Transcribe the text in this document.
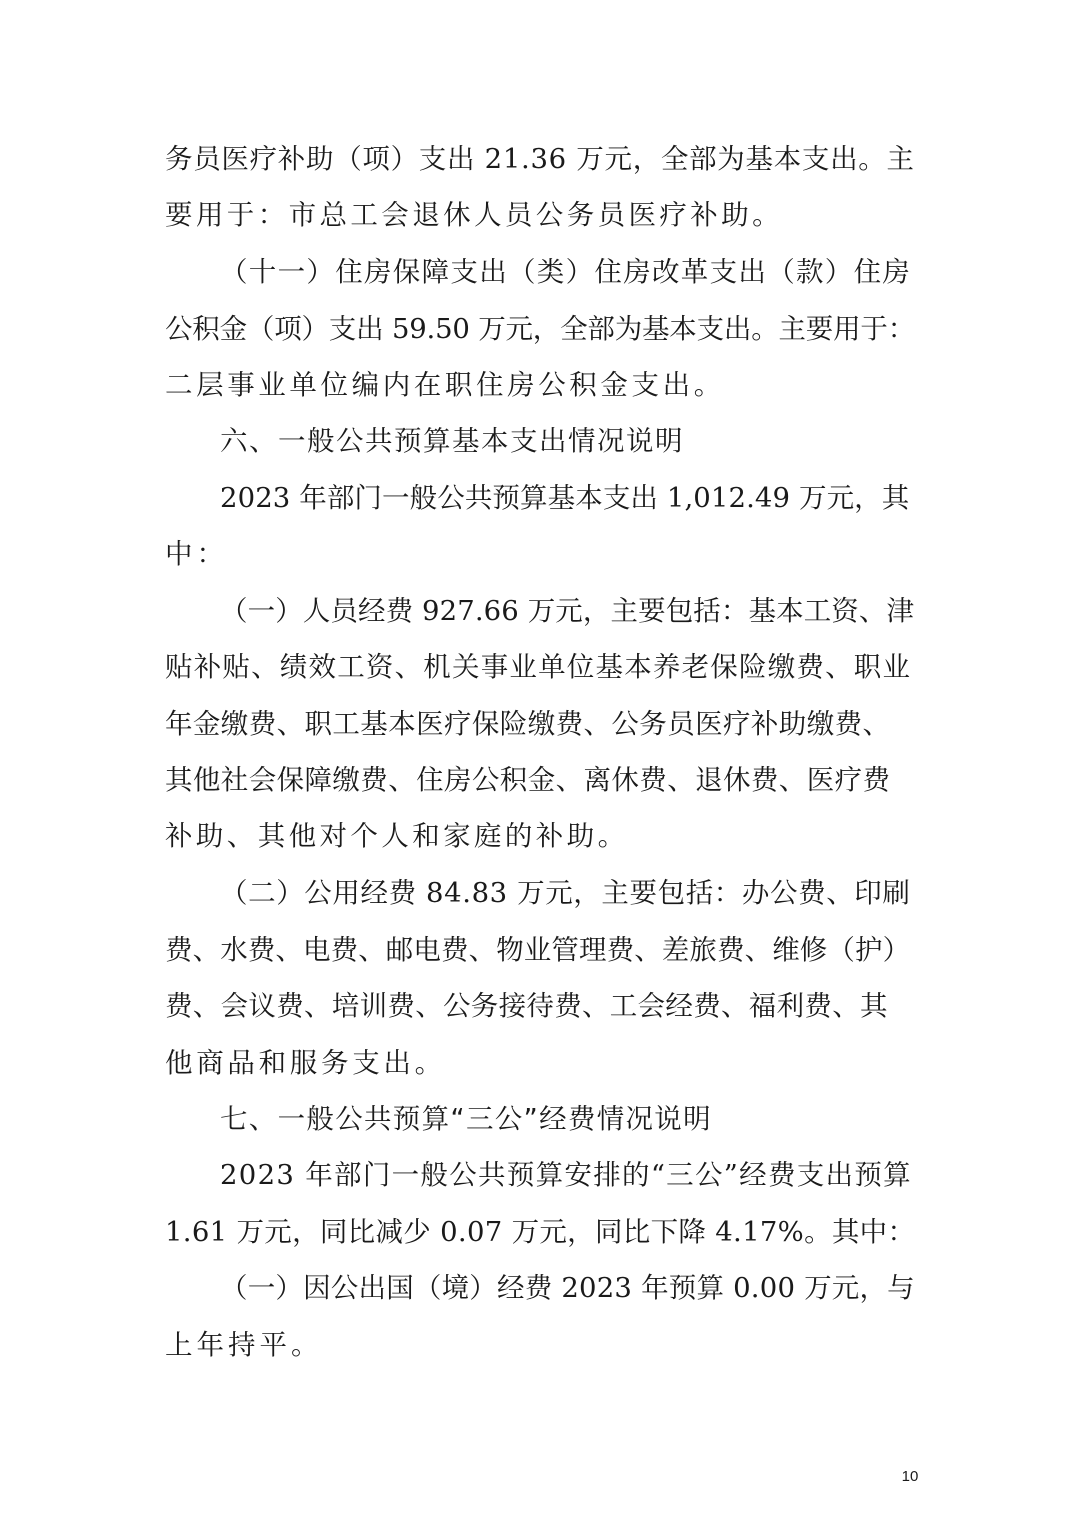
务员医疗补助（项）支出 21.36 万元，全部为基本支出。主
要用于：市总工会退休人员公务员医疗补助。
（十一）住房保障支出（类）住房改革支出（款）住房
公积金（项）支出 59.50 万元，全部为基本支出。主要用于：
二层事业单位编内在职住房公积金支出。
六、一般公共预算基本支出情况说明
2023 年部门一般公共预算基本支出 1,012.49 万元，其
中：
（一）人员经费 927.66 万元，主要包括：基本工资、津
贴补贴、绩效工资、机关事业单位基本养老保险缴费、职业
年金缴费、职工基本医疗保险缴费、公务员医疗补助缴费、
其他社会保障缴费、住房公积金、离休费、退休费、医疗费
补助、其他对个人和家庭的补助。
（二）公用经费 84.83 万元，主要包括：办公费、印刷
费、水费、电费、邮电费、物业管理费、差旅费、维修（护）
费、会议费、培训费、公务接待费、工会经费、福利费、其
他商品和服务支出。
七、一般公共预算“三公”经费情况说明
2023 年部门一般公共预算安排的“三公”经费支出预算
1.61 万元，同比减少 0.07 万元，同比下降 4.17%。其中：
（一）因公出国（境）经费 2023 年预算 0.00 万元，与
上年持平。
10
